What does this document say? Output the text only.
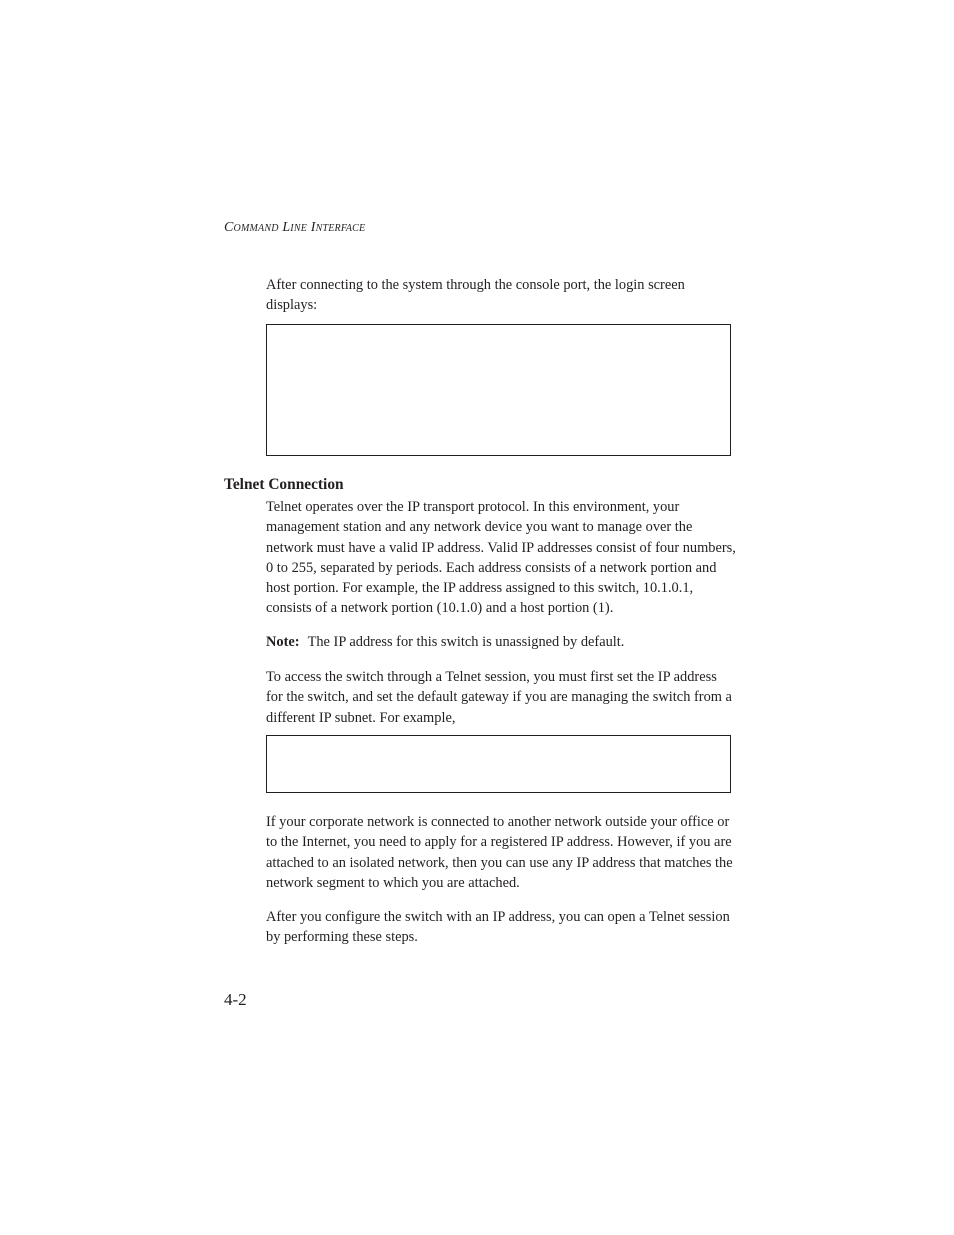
Command Line Interface

After connecting to the system through the console port, the login screen displays:

Telnet Connection

Telnet operates over the IP transport protocol. In this environment, your management station and any network device you want to manage over the network must have a valid IP address. Valid IP addresses consist of four numbers, 0 to 255, separated by periods. Each address consists of a network portion and host portion. For example, the IP address assigned to this switch, 10.1.0.1, consists of a network portion (10.1.0) and a host portion (1).

Note: The IP address for this switch is unassigned by default.

To access the switch through a Telnet session, you must first set the IP address for the switch, and set the default gateway if you are managing the switch from a different IP subnet. For example,

If your corporate network is connected to another network outside your office or to the Internet, you need to apply for a registered IP address. However, if you are attached to an isolated network, then you can use any IP address that matches the network segment to which you are attached.

After you configure the switch with an IP address, you can open a Telnet session by performing these steps.

4-2
